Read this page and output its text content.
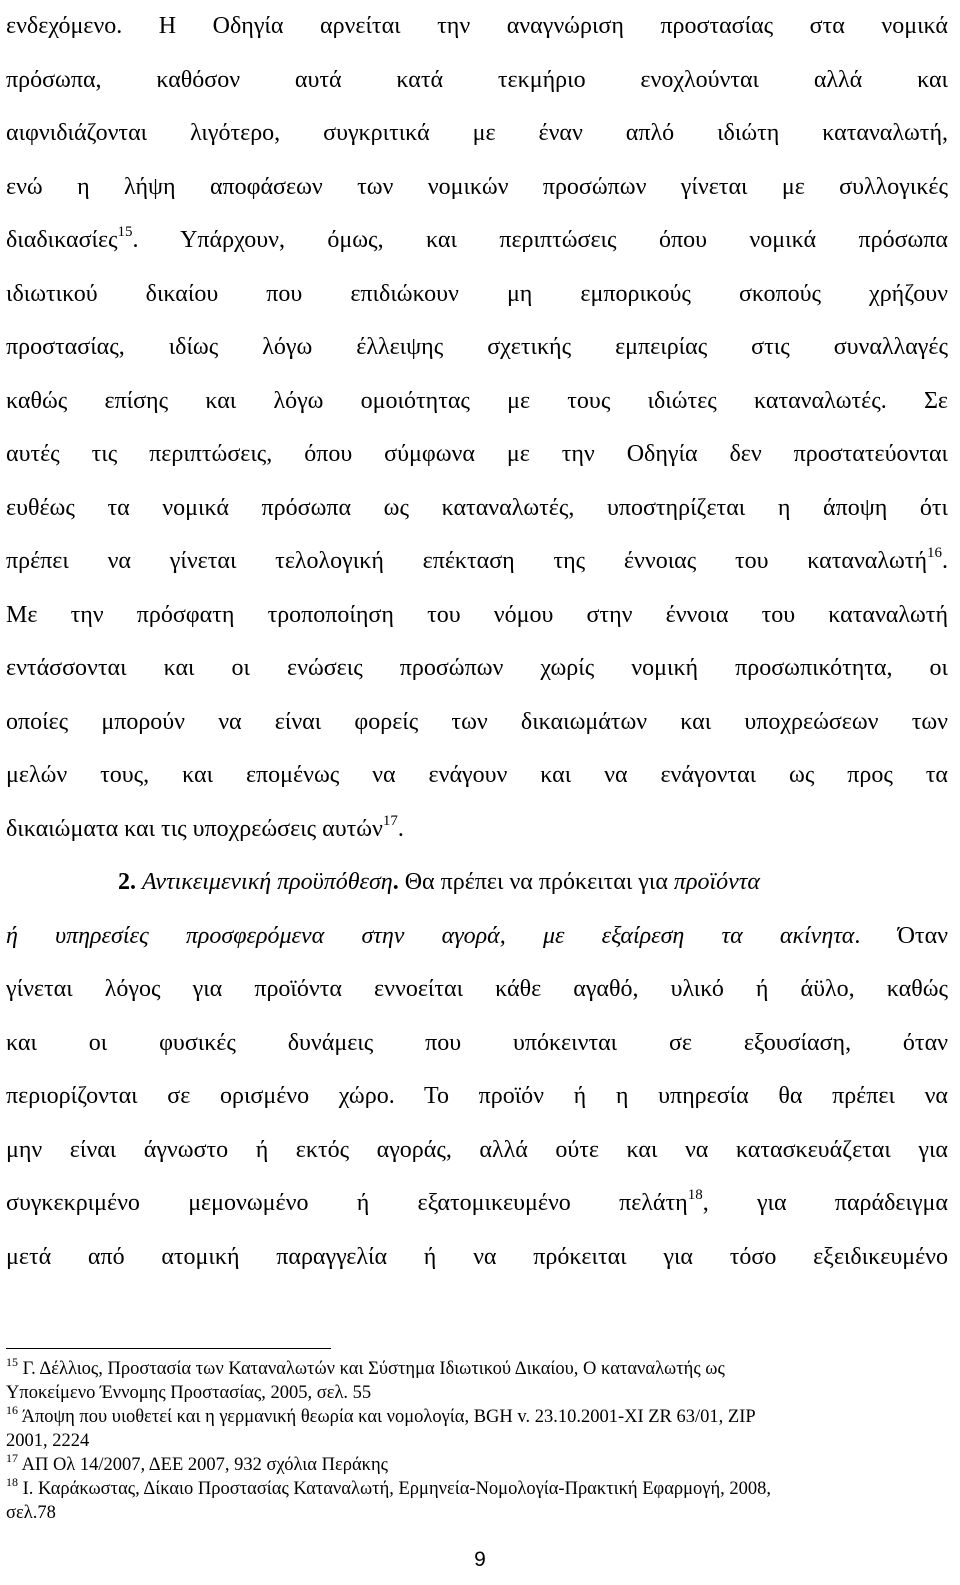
ενδεχόμενο. Η Οδηγία αρνείται την αναγνώριση προστασίας στα νομικά
πρόσωπα, καθόσον αυτά κατά τεκμήριο ενοχλούνται αλλά και
αιφνιδιάζονται λιγότερο, συγκριτικά με έναν απλό ιδιώτη καταναλωτή,
ενώ η λήψη αποφάσεων των νομικών προσώπων γίνεται με συλλογικές
διαδικασίες$^{15}$. Υπάρχουν, όμως, και περιπτώσεις όπου νομικά πρόσωπα
ιδιωτικού δικαίου που επιδιώκουν μη εμπορικούς σκοπούς χρήζουν
προστασίας, ιδίως λόγω έλλειψης σχετικής εμπειρίας στις συναλλαγές
καθώς επίσης και λόγω ομοιότητας με τους ιδιώτες καταναλωτές. Σε
αυτές τις περιπτώσεις, όπου σύμφωνα με την Οδηγία δεν προστατεύονται
ευθέως τα νομικά πρόσωπα ως καταναλωτές, υποστηρίζεται η άποψη ότι
πρέπει να γίνεται τελολογική επέκταση της έννοιας του καταναλωτή$^{16}$.
Με την πρόσφατη τροποποίηση του νόμου στην έννοια του καταναλωτή
εντάσσονται και οι ενώσεις προσώπων χωρίς νομική προσωπικότητα, οι
οποίες μπορούν να είναι φορείς των δικαιωμάτων και υποχρεώσεων των
μελών τους, και επομένως να ενάγουν και να ενάγονται ως προς τα
δικαιώματα και τις υποχρεώσεις αυτών$^{17}$.
2. Αντικειμενική προϋπόθεση. Θα πρέπει να πρόκειται για προϊόντα
ή υπηρεσίες προσφερόμενα στην αγορά, με εξαίρεση τα ακίνητα. Όταν
γίνεται λόγος για προϊόντα εννοείται κάθε αγαθό, υλικό ή άϋλο, καθώς
και οι φυσικές δυνάμεις που υπόκεινται σε εξουσίαση, όταν
περιορίζονται σε ορισμένο χώρο. Το προϊόν ή η υπηρεσία θα πρέπει να
μην είναι άγνωστο ή εκτός αγοράς, αλλά ούτε και να κατασκευάζεται για
συγκεκριμένο μεμονωμένο ή εξατομικευμένο πελάτη$^{18}$, για παράδειγμα
μετά από ατομική παραγγελία ή να πρόκειται για τόσο εξειδικευμένο
$^{15}$ Γ. Δέλλιος, Προστασία των Καταναλωτών και Σύστημα Ιδιωτικού Δικαίου, Ο καταναλωτής ως
Υποκείμενο Έννομης Προστασίας, 2005, σελ. 55
$^{16}$ Άποψη που υιοθετεί και η γερμανική θεωρία και νομολογία, BGH v. 23.10.2001-XI ZR 63/01, ZIP
2001, 2224
$^{17}$ ΑΠ Ολ 14/2007, ΔΕΕ 2007, 932 σχόλια Περάκης
$^{18}$ Ι. Καράκωστας, Δίκαιο Προστασίας Καταναλωτή, Ερμηνεία-Νομολογία-Πρακτική Εφαρμογή, 2008,
σελ.78
9
